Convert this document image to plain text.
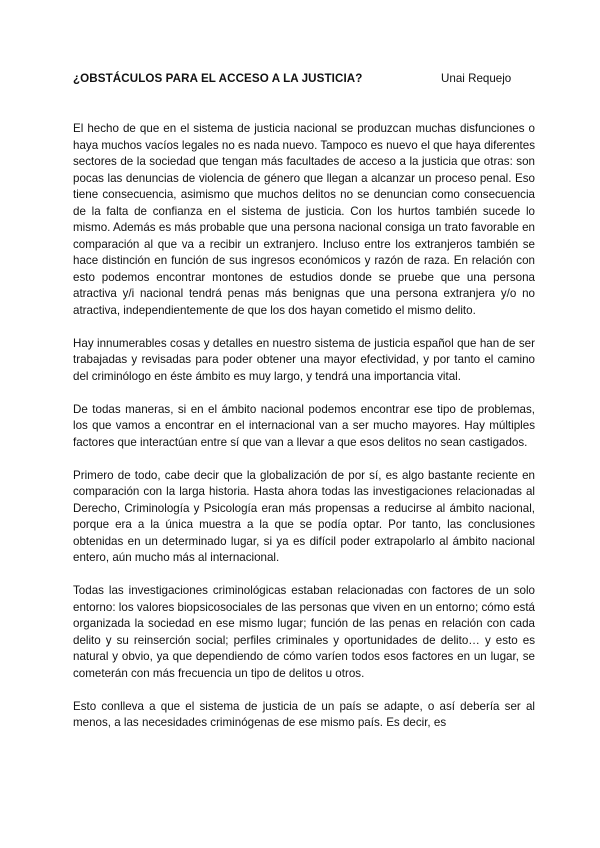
¿OBSTÁCULOS PARA EL ACCESO A LA JUSTICIA?	Unai Requejo

El hecho de que en el sistema de justicia nacional se produzcan muchas disfunciones o haya muchos vacíos legales no es nada nuevo. Tampoco es nuevo el que haya diferentes sectores de la sociedad que tengan más facultades de acceso a la justicia que otras: son pocas las denuncias de violencia de género que llegan a alcanzar un proceso penal. Eso tiene consecuencia, asimismo que muchos delitos no se denuncian como consecuencia de la falta de confianza en el sistema de justicia. Con los hurtos también sucede lo mismo. Además es más probable que una persona nacional consiga un trato favorable en comparación al que va a recibir un extranjero. Incluso entre los extranjeros también se hace distinción en función de sus ingresos económicos y razón de raza. En relación con esto podemos encontrar montones de estudios donde se pruebe que una persona atractiva y/i nacional tendrá penas más benignas que una persona extranjera y/o no atractiva, independientemente de que los dos hayan cometido el mismo delito.

Hay innumerables cosas y detalles en nuestro sistema de justicia español que han de ser trabajadas y revisadas para poder obtener una mayor efectividad, y por tanto el camino del criminólogo en éste ámbito es muy largo, y tendrá una importancia vital.

De todas maneras, si en el ámbito nacional podemos encontrar ese tipo de problemas, los que vamos a encontrar en el internacional van a ser mucho mayores. Hay múltiples factores que interactúan entre sí que van a llevar a que esos delitos no sean castigados.

Primero de todo, cabe decir que la globalización de por sí, es algo bastante reciente en comparación con la larga historia. Hasta ahora todas las investigaciones relacionadas al Derecho, Criminología y Psicología eran más propensas a reducirse al ámbito nacional, porque era a la única muestra a la que se podía optar. Por tanto, las conclusiones obtenidas en un determinado lugar, si ya es difícil poder extrapolarlo al ámbito nacional entero, aún mucho más al internacional.

Todas las investigaciones criminológicas estaban relacionadas con factores de un solo entorno: los valores biopsicosociales de las personas que viven en un entorno; cómo está organizada la sociedad en ese mismo lugar; función de las penas en relación con cada delito y su reinserción social; perfiles criminales y oportunidades de delito… y esto es natural y obvio, ya que dependiendo de cómo varíen todos esos factores en un lugar, se cometerán con más frecuencia un tipo de delitos u otros.

Esto conlleva a que el sistema de justicia de un país se adapte, o así debería ser al menos, a las necesidades criminógenas de ese mismo país. Es decir, es
